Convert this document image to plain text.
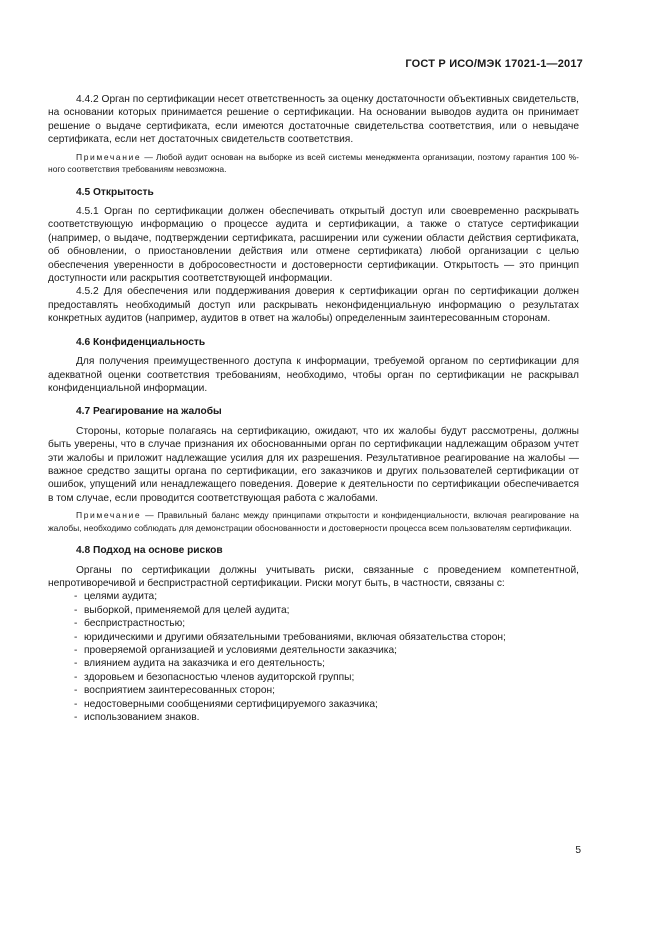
ГОСТ Р ИСО/МЭК 17021-1—2017

4.4.2 Орган по сертификации несет ответственность за оценку достаточности объективных свидетельств, на основании которых принимается решение о сертификации. На основании выводов аудита он принимает решение о выдаче сертификата, если имеются достаточные свидетельства соответствия, или о невыдаче сертификата, если нет достаточных свидетельств соответствия.

Примечание — Любой аудит основан на выборке из всей системы менеджмента организации, поэтому гарантия 100 %-ного соответствия требованиям невозможна.

4.5 Открытость

4.5.1 Орган по сертификации должен обеспечивать открытый доступ или своевременно раскрывать соответствующую информацию о процессе аудита и сертификации, а также о статусе сертификации (например, о выдаче, подтверждении сертификата, расширении или сужении области действия сертификата, об обновлении, о приостановлении действия или отмене сертификата) любой организации с целью обеспечения уверенности в добросовестности и достоверности сертификации. Открытость — это принцип доступности или раскрытия соответствующей информации.

4.5.2 Для обеспечения или поддерживания доверия к сертификации орган по сертификации должен предоставлять необходимый доступ или раскрывать неконфиденциальную информацию о результатах конкретных аудитов (например, аудитов в ответ на жалобы) определенным заинтересованным сторонам.

4.6 Конфиденциальность

Для получения преимущественного доступа к информации, требуемой органом по сертификации для адекватной оценки соответствия требованиям, необходимо, чтобы орган по сертификации не раскрывал конфиденциальной информации.

4.7 Реагирование на жалобы

Стороны, которые полагаясь на сертификацию, ожидают, что их жалобы будут рассмотрены, должны быть уверены, что в случае признания их обоснованными орган по сертификации надлежащим образом учтет эти жалобы и приложит надлежащие усилия для их разрешения. Результативное реагирование на жалобы — важное средство защиты органа по сертификации, его заказчиков и других пользователей сертификации от ошибок, упущений или ненадлежащего поведения. Доверие к деятельности по сертификации обеспечивается в том случае, если проводится соответствующая работа с жалобами.

Примечание — Правильный баланс между принципами открытости и конфиденциальности, включая реагирование на жалобы, необходимо соблюдать для демонстрации обоснованности и достоверности процесса всем пользователям сертификации.

4.8 Подход на основе рисков

Органы по сертификации должны учитывать риски, связанные с проведением компетентной, непротиворечивой и беспристрастной сертификации. Риски могут быть, в частности, связаны с:

- целями аудита;
- выборкой, применяемой для целей аудита;
- беспристрастностью;
- юридическими и другими обязательными требованиями, включая обязательства сторон;
- проверяемой организацией и условиями деятельности заказчика;
- влиянием аудита на заказчика и его деятельность;
- здоровьем и безопасностью членов аудиторской группы;
- восприятием заинтересованных сторон;
- недостоверными сообщениями сертифицируемого заказчика;
- использованием знаков.
5
